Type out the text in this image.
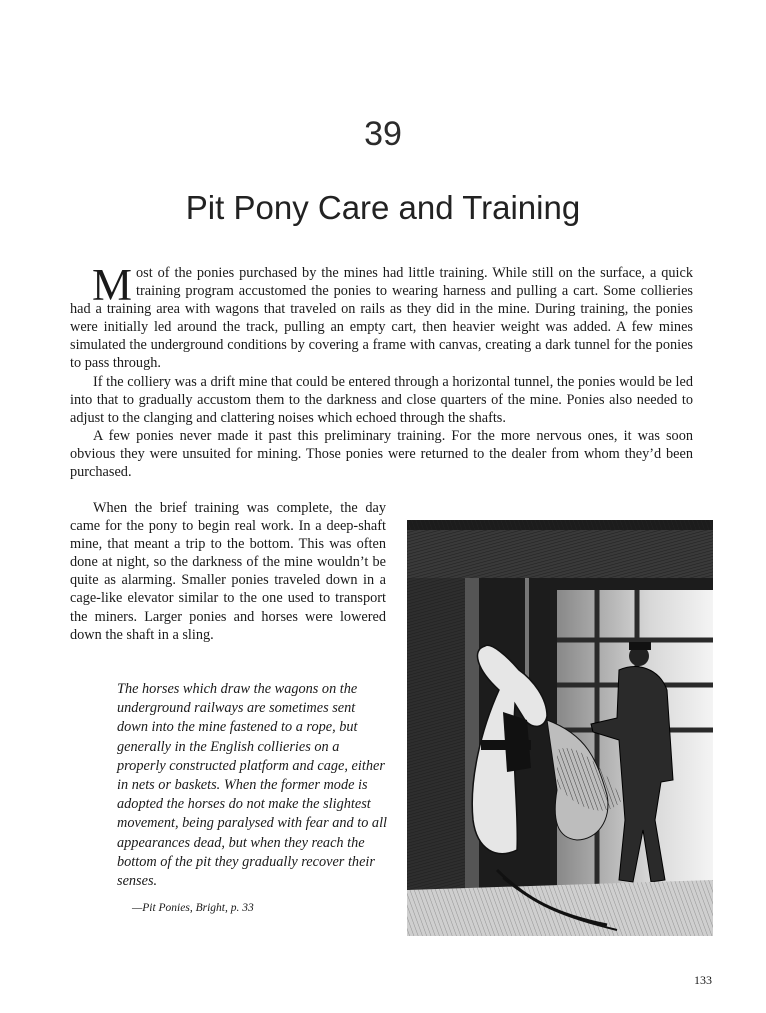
39
Pit Pony Care and Training

Most of the ponies purchased by the mines had little training. While still on the surface, a quick training program accustomed the ponies to wearing harness and pulling a cart. Some collieries had a training area with wagons that traveled on rails as they did in the mine. During training, the ponies were initially led around the track, pulling an empty cart, then heavier weight was added. A few mines simulated the underground conditions by covering a frame with canvas, creating a dark tunnel for the ponies to pass through.

If the colliery was a drift mine that could be entered through a horizontal tunnel, the ponies would be led into that to gradually accustom them to the darkness and close quarters of the mine. Ponies also needed to adjust to the clanging and clattering noises which echoed through the shafts.

A few ponies never made it past this preliminary training. For the more nervous ones, it was soon obvious they were unsuited for mining. Those ponies were returned to the dealer from whom they’d been purchased.

When the brief training was complete, the day came for the pony to begin real work. In a deep-shaft mine, that meant a trip to the bottom. This was often done at night, so the darkness of the mine wouldn’t be quite as alarming. Smaller ponies traveled down in a cage-like elevator similar to the one used to transport the miners. Larger ponies and horses were lowered down the shaft in a sling.

The horses which draw the wagons on the underground railways are sometimes sent down into the mine fastened to a rope, but generally in the English collieries on a properly constructed platform and cage, either in nets or baskets. When the former mode is adopted the horses do not make the slightest movement, being paralysed with fear and to all appearances dead, but when they reach the bottom of the pit they gradually recover their senses.
—Pit Ponies, Bright, p. 33
133
